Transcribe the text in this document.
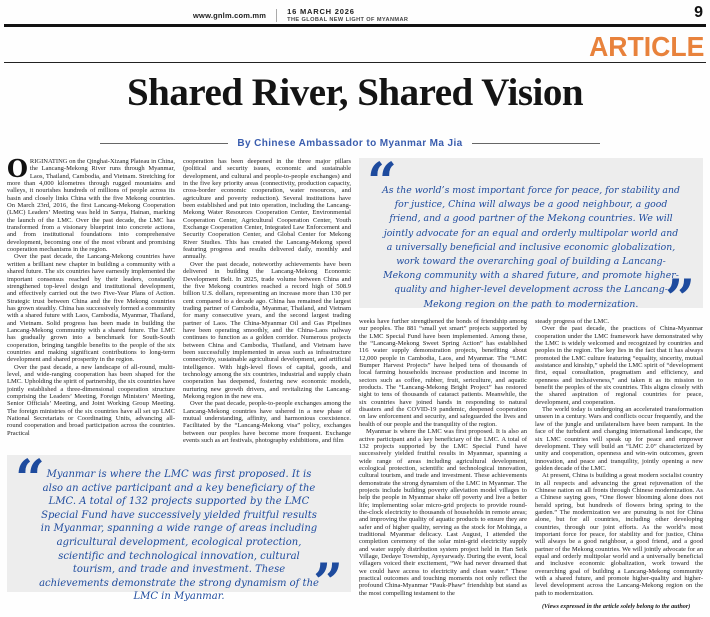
www.gnlm.com.mm	16 MARCH 2026
THE GLOBAL NEW LIGHT OF MYANMAR	9
ARTICLE
Shared River, Shared Vision
By Chinese Ambassador to Myanmar Ma Jia
“
As the world’s most important force for peace, for stability and for justice, China will always be a good neighbour, a good friend, and a good partner of the Mekong countries. We will jointly advocate for an equal and orderly multipolar world and a universally beneficial and inclusive economic globalization, work toward the overarching goal of building a Lancang-Mekong community with a shared future, and promote higher-quality and higher-level development across the Lancang-Mekong region on the path to modernization. ”
“ Myanmar is where the LMC was first proposed. It is also an active participant and a key beneficiary of the LMC. A total of 132 projects supported by the LMC Special Fund have successively yielded fruitful results in Myanmar, spanning a wide range of areas including agricultural development, ecological protection, scientific and technological innovation, cultural tourism, and trade and investment. These achievements demonstrate the strong dynamism of the LMC in Myanmar.	”

ORIGINATING on the Qinghai-Xizang Plateau in China, the Lancang-Mekong River runs through Myanmar, Laos, Thailand, Cambodia, and Vietnam. Stretching for more than 4,000 kilometres through rugged mountains and valleys, it nourishes hundreds of millions of people across its basin and closely links China with the five Mekong countries. On March 23rd, 2016, the first Lancang-Mekong Cooperation (LMC) Leaders’ Meeting was held in Sanya, Hainan, marking the launch of the LMC. Over the past decade, the LMC has transformed from a visionary blueprint into concrete actions, and from institutional foundations into comprehensive development, becoming one of the most vibrant and promising cooperation mechanisms in the region.

Over the past decade, the Lancang-Mekong countries have written a brilliant new chapter in building a community with a shared future. The six countries have earnestly implemented the important consensus reached by their leaders, constantly strengthened top-level design and institutional development, and effectively carried out the two Five-Year Plans of Action. Strategic trust between China and the five Mekong countries has grown steadily. China has successively formed a community with a shared future with Laos, Cambodia, Myanmar, Thailand, and Vietnam. Solid progress has been made in building the Lancang-Mekong community with a shared future. The LMC has gradually grown into a benchmark for South-South cooperation, bringing tangible benefits to the people of the six countries and making significant contributions to long-term development and shared prosperity in the region.

Over the past decade, a new landscape of all-round, multi-level, and wide-ranging cooperation has been shaped for the LMC. Upholding the spirit of partnership, the six countries have jointly established a three-dimensional cooperation structure comprising the Leaders’ Meeting, Foreign Ministers’ Meeting, Senior Officials’ Meeting, and Joint Working Group Meeting. The foreign ministries of the six countries have all set up LMC National Secretariats or Coordinating Units, advancing all-round cooperation and broad participation across the countries. Practical

cooperation has been deepened in the three major pillars (political and security issues, economic and sustainable development, and cultural and people-to-people exchanges) and in the five key priority areas (connectivity, production capacity, cross-border economic cooperation, water resources, and agriculture and poverty reduction). Several institutions have been established and put into operation, including the Lancang-Mekong Water Resources Cooperation Center, Environmental Cooperation Center, Agricultural Cooperation Center, Youth Exchange Cooperation Center, Integrated Law Enforcement and Security Cooperation Center, and Global Center for Mekong River Studies. This has created the Lancang-Mekong speed featuring progress and results delivered daily, monthly and annually.

Over the past decade, noteworthy achievements have been delivered in building the Lancang-Mekong Economic Development Belt. In 2025, trade volume between China and the five Mekong countries reached a record high of 508.9 billion U.S. dollars, representing an increase more than 130 per cent compared to a decade ago. China has remained the largest trading partner of Cambodia, Myanmar, Thailand, and Vietnam for many consecutive years, and the second largest trading partner of Laos. The China-Myanmar Oil and Gas Pipelines have been operating smoothly, and the China-Laos railway continues to function as a golden corridor. Numerous projects between China and Cambodia, Thailand, and Vietnam have been successfully implemented in areas such as infrastructure connectivity, sustainable agricultural development, and artificial intelligence. With high-level flows of capital, goods, and technology among the six countries, industrial and supply chain cooperation has deepened, fostering new economic models, nurturing new growth drivers, and revitalizing the Lancang-Mekong region in the new era.

Over the past decade, people-to-people exchanges among the Lancang-Mekong countries have ushered in a new phase of mutual understanding, affinity, and harmonious coexistence. Facilitated by the “Lancang-Mekong visa” policy, exchanges between our peoples have become more frequent. Exchange events such as art festivals, photography exhibitions, and film

weeks have further strengthened the bonds of friendship among our peoples. The 881 “small yet smart” projects supported by the LMC Special Fund have been implemented. Among these, the “Lancang-Mekong Sweet Spring Action” has established 116 water supply demonstration projects, benefiting about 12,000 people in Cambodia, Laos, and Myanmar. The “LMC Bumper Harvest Projects” have helped tens of thousands of local farming households increase production and income in sectors such as coffee, rubber, fruit, sericulture, and aquatic products. The “Lancang-Mekong Bright Project” has restored sight to tens of thousands of cataract patients. Meanwhile, the six countries have joined hands in responding to natural disasters and the COVID-19 pandemic, deepened cooperation on law enforcement and security, and safeguarded the lives and health of our people and the tranquility of the region.

Myanmar is where the LMC was first proposed. It is also an active participant and a key beneficiary of the LMC. A total of 132 projects supported by the LMC Special Fund have successively yielded fruitful results in Myanmar, spanning a wide range of areas including agricultural development, ecological protection, scientific and technological innovation, cultural tourism, and trade and investment. These achievements demonstrate the strong dynamism of the LMC in Myanmar. The projects include building poverty alleviation model villages to help the people in Myanmar shake off poverty and live a better life; implementing solar micro-grid projects to provide round-the-clock electricity to thousands of households in remote areas; and improving the quality of aquatic products to ensure they are safer and of higher quality, serving as the stock for Mohinga, a traditional Myanmar delicacy. Last August, I attended the completion ceremony of the solar mini-grid electricity supply and water supply distribution system project held in Han Seik Village, Dedaye Township, Ayeyarwady. During the event, local villagers voiced their excitement, “We had never dreamed that we could have access to electricity and clean water.” These practical outcomes and touching moments not only reflect the profound China-Myanmar “Pauk-Phaw” friendship but stand as the most compelling testament to the

steady progress of the LMC.

Over the past decade, the practices of China-Myanmar cooperation under the LMC framework have demonstrated why the LMC is widely welcomed and recognized by countries and peoples in the region. The key lies in the fact that it has always promoted the LMC culture featuring “equality, sincerity, mutual assistance and kinship,” upheld the LMC spirit of “development first, equal consultation, pragmatism and efficiency, and openness and inclusiveness,” and taken it as its mission to benefit the peoples of the six countries. This aligns closely with the shared aspiration of regional countries for peace, development, and cooperation.

The world today is undergoing an accelerated transformation unseen in a century. Wars and conflicts occur frequently, and the law of the jungle and unilateralism have been rampant. In the face of the turbulent and changing international landscape, the six LMC countries will speak up for peace and empower development. They will build an “LMC 2.0” characterized by unity and cooperation, openness and win-win outcomes, green innovation, and peace and tranquility, jointly opening a new golden decade of the LMC.

At present, China is building a great modern socialist country in all respects and advancing the great rejuvenation of the Chinese nation on all fronts through Chinese modernization. As a Chinese saying goes, “One flower blooming alone does not herald spring, but hundreds of flowers bring spring to the garden.” The modernization we are pursuing is not for China alone, but for all countries, including other developing countries, through our joint efforts. As the world’s most important force for peace, for stability and for justice, China will always be a good neighbour, a good friend, and a good partner of the Mekong countries. We will jointly advocate for an equal and orderly multipolar world and a universally beneficial and inclusive economic globalization, work toward the overarching goal of building a Lancang-Mekong community with a shared future, and promote higher-quality and higher-level development across the Lancang-Mekong region on the path to modernization.

(Views expressed in the article solely belong to the author)
